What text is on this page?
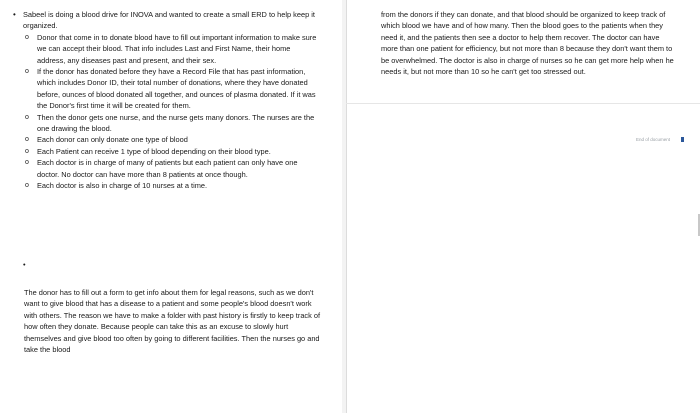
• Sabeel is doing a blood drive for INOVA and wanted to create a small ERD to help keep it organized.
o Donor that come in to donate blood have to fill out important information to make sure we can accept their blood. That info includes Last and First Name, their home address, any diseases past and present, and their sex.
o If the donor has donated before they have a Record File that has past information, which includes Donor ID, their total number of donations, where they have donated before, ounces of blood donated all together, and ounces of plasma donated. If it was the Donor's first time it will be created for them.
o Then the donor gets one nurse, and the nurse gets many donors. The nurses are the one drawing the blood.
o Each donor can only donate one type of blood
o Each Patient can receive 1 type of blood depending on their blood type.
o Each doctor is in charge of many of patients but each patient can only have one doctor. No doctor can have more than 8 patients at once though.
o Each doctor is also in charge of 10 nurses at a time.
•

The donor has to fill out a form to get info about them for legal reasons, such as we don't want to give blood that has a disease to a patient and some people's blood doesn't work with others. The reason we have to make a folder with past history is firstly to keep track of how often they donate. Because people can take this as an excuse to slowly hurt themselves and give blood too often by going to different facilities. Then the nurses go and take the blood

from the donors if they can donate, and that blood should be organized to keep track of which blood we have and of how many. Then the blood goes to the patients when they need it, and the patients then see a doctor to help them recover. The doctor can have more than one patient for efficiency, but not more than 8 because they don't want them to be overwhelmed. The doctor is also in charge of nurses so he can get more help when he needs it, but not more than 10 so he can't get too stressed out.

End of document
